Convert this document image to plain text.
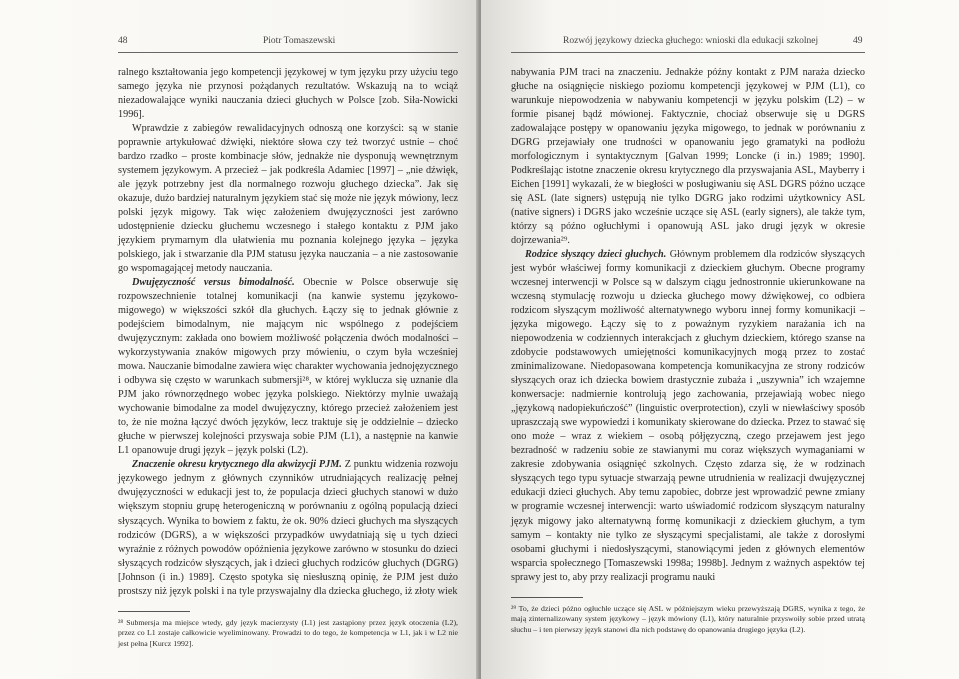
48	Piotr Tomaszewski

ralnego kształtowania jego kompetencji językowej w tym języku przy użyciu tego samego języka nie przynosi pożądanych rezultatów. Wskazują na to wciąż niezadowalające wyniki nauczania dzieci głuchych w Polsce [zob. Siła-Nowicki 1996].

Wprawdzie z zabiegów rewalidacyjnych odnoszą one korzyści: są w stanie poprawnie artykułować dźwięki, niektóre słowa czy też tworzyć ustnie – choć bardzo rzadko – proste kombinacje słów, jednakże nie dysponują wewnętrznym systemem językowym. A przecież – jak podkreśla Adamiec [1997] – „nie dźwięk, ale język potrzebny jest dla normalnego rozwoju głuchego dziecka”. Jak się okazuje, dużo bardziej naturalnym językiem stać się może nie język mówiony, lecz polski język migowy. Tak więc założeniem dwujęzyczności jest zarówno udostępnienie dziecku głuchemu wczesnego i stałego kontaktu z PJM jako językiem prymarnym dla ułatwienia mu poznania kolejnego języka – języka polskiego, jak i stwarzanie dla PJM statusu języka nauczania – a nie zastosowanie go wspomagającej metody nauczania.

Dwujęzyczność versus bimodalność. Obecnie w Polsce obserwuje się rozpowszechnienie totalnej komunikacji (na kanwie systemu językowo-migowego) w większości szkół dla głuchych. Łączy się to jednak głównie z podejściem bimodalnym, nie mającym nic wspólnego z podejściem dwujęzycznym: zakłada ono bowiem możliwość połączenia dwóch modalności – wykorzystywania znaków migowych przy mówieniu, o czym była wcześniej mowa. Nauczanie bimodalne zawiera więc charakter wychowania jednojęzycznego i odbywa się często w warunkach submersji²⁸, w której wyklucza się uznanie dla PJM jako równorzędnego wobec języka polskiego. Niektórzy mylnie uważają wychowanie bimodalne za model dwujęzyczny, którego przecież założeniem jest to, że nie można łączyć dwóch języków, lecz traktuje się je oddzielnie – dziecko głuche w pierwszej kolejności przyswaja sobie PJM (L1), a następnie na kanwie L1 opanowuje drugi język – język polski (L2).

Znaczenie okresu krytycznego dla akwizycji PJM. Z punktu widzenia rozwoju językowego jednym z głównych czynników utrudniających realizację pełnej dwujęzyczności w edukacji jest to, że populacja dzieci głuchych stanowi w dużo większym stopniu grupę heterogeniczną w porównaniu z ogólną populacją dzieci słyszących. Wynika to bowiem z faktu, że ok. 90% dzieci głuchych ma słyszących rodziców (DGRS), a w większości przypadków uwydatniają się u tych dzieci wyraźnie z różnych powodów opóźnienia językowe zarówno w stosunku do dzieci słyszących rodziców słyszących, jak i dzieci głuchych rodziców głuchych (DGRG) [Johnson (i in.) 1989]. Często spotyka się niesłuszną opinię, że PJM jest dużo prostszy niż język polski i na tyle przyswajalny dla dziecka głuchego, iż złoty wiek

²⁸ Submersja ma miejsce wtedy, gdy język macierzysty (L1) jest zastąpiony przez język otoczenia (L2), przez co L1 zostaje całkowicie wyeliminowany. Prowadzi to do tego, że kompetencja w L1, jak i w L2 nie jest pełna [Kurcz 1992].

Rozwój językowy dziecka głuchego: wnioski dla edukacji szkolnej	49

nabywania PJM traci na znaczeniu. Jednakże późny kontakt z PJM naraża dziecko głuche na osiągnięcie niskiego poziomu kompetencji językowej w PJM (L1), co warunkuje niepowodzenia w nabywaniu kompetencji w języku polskim (L2) – w formie pisanej bądź mówionej. Faktycznie, chociaż obserwuje się u DGRS zadowalające postępy w opanowaniu języka migowego, to jednak w porównaniu z DGRG przejawiały one trudności w opanowaniu jego gramatyki na podłożu morfologicznym i syntaktycznym [Galvan 1999; Loncke (i in.) 1989; 1990]. Podkreślając istotne znaczenie okresu krytycznego dla przyswajania ASL, Mayberry i Eichen [1991] wykazali, że w biegłości w posługiwaniu się ASL DGRS późno uczące się ASL (late signers) ustępują nie tylko DGRG jako rodzimi użytkownicy ASL (native signers) i DGRS jako wcześnie uczące się ASL (early signers), ale także tym, którzy są późno ogłuchłymi i opanowują ASL jako drugi język w okresie dojrzewania²⁹.

Rodzice słyszący dzieci głuchych. Głównym problemem dla rodziców słyszących jest wybór właściwej formy komunikacji z dzieckiem głuchym. Obecne programy wczesnej interwencji w Polsce są w dalszym ciągu jednostronnie ukierunkowane na wczesną stymulację rozwoju u dziecka głuchego mowy dźwiękowej, co odbiera rodzicom słyszącym możliwość alternatywnego wyboru innej formy komunikacji – języka migowego. Łączy się to z poważnym ryzykiem narażania ich na niepowodzenia w codziennych interakcjach z głuchym dzieckiem, którego szanse na zdobycie podstawowych umiejętności komunikacyjnych mogą przez to zostać zminimalizowane. Niedopasowana kompetencja komunikacyjna ze strony rodziców słyszących oraz ich dziecka bowiem drastycznie zubaża i „uszywnia” ich wzajemne konwersacje: nadmiernie kontrolują jego zachowania, przejawiają wobec niego „językową nadopiekuńczość” (linguistic overprotection), czyli w niewłaściwy sposób upraszczają swe wypowiedzi i komunikaty skierowane do dziecka. Przez to stawać się ono może – wraz z wiekiem – osobą półjęzyczną, czego przejawem jest jego bezradność w radzeniu sobie ze stawianymi mu coraz większych wymaganiami w zakresie zdobywania osiągnięć szkolnych. Często zdarza się, że w rodzinach słyszących tego typu sytuacje stwarzają pewne utrudnienia w realizacji dwujęzycznej edukacji dzieci głuchych. Aby temu zapobiec, dobrze jest wprowadzić pewne zmiany w programie wczesnej interwencji: warto uświadomić rodzicom słyszącym naturalny język migowy jako alternatywną formę komunikacji z dzieckiem głuchym, a tym samym – kontakty nie tylko ze słyszącymi specjalistami, ale także z dorosłymi osobami głuchymi i niedosłyszącymi, stanowiącymi jeden z głównych elementów wsparcia społecznego [Tomaszewski 1998a; 1998b]. Jednym z ważnych aspektów tej sprawy jest to, aby przy realizacji programu nauki

²⁹ To, że dzieci późno ogłuchłe uczące się ASL w późniejszym wieku przewyższają DGRS, wynika z tego, że mają zinternalizowany system językowy – język mówiony (L1), który naturalnie przyswoiły sobie przed utratą słuchu – i ten pierwszy język stanowi dla nich podstawę do opanowania drugiego języka (L2).
